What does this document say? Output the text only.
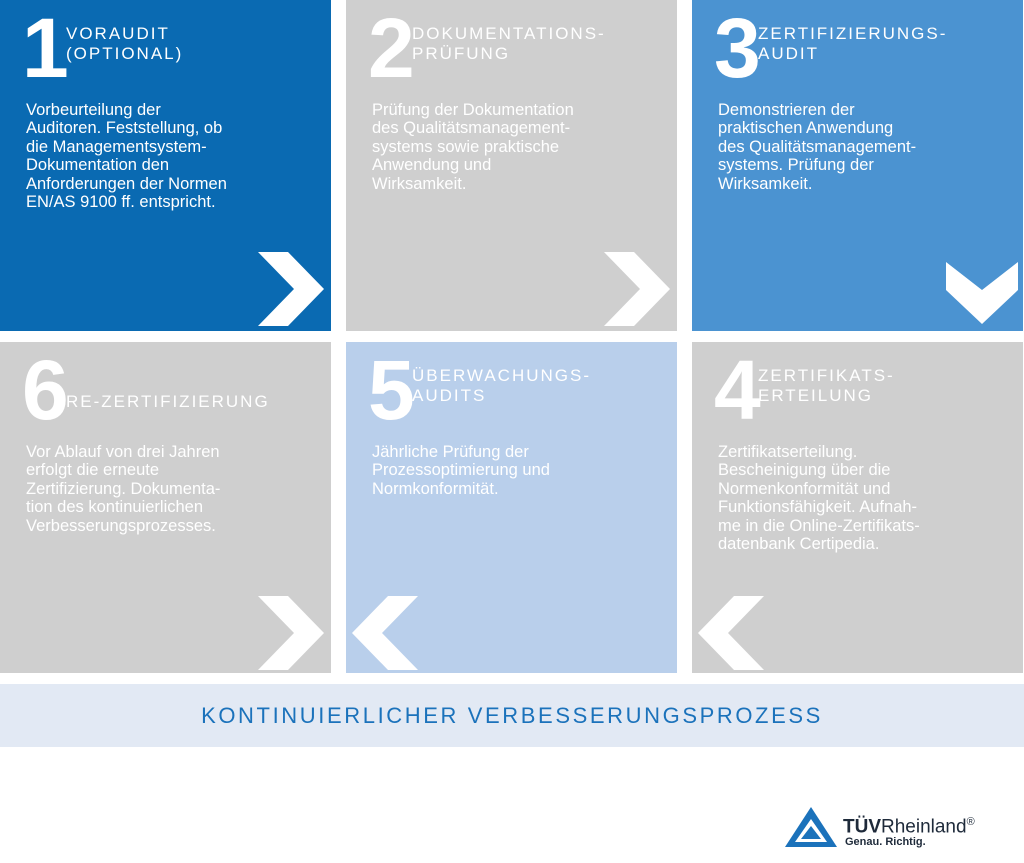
1 VORAUDIT
(OPTIONAL)
Vorbeurteilung der
Auditoren. Feststellung, ob
die Managementsystem-
Dokumentation den
Anforderungen der Normen
EN/AS 9100 ff. entspricht.
2 DOKUMENTATIONS-
PRÜFUNG
Prüfung der Dokumentation
des Qualitätsmanagement-
systems sowie praktische
Anwendung und
Wirksamkeit.
3 ZERTIFIZIERUNGS-
AUDIT
Demonstrieren der
praktischen Anwendung
des Qualitätsmanagement-
systems. Prüfung der
Wirksamkeit.
6 RE-ZERTIFIZIERUNG
Vor Ablauf von drei Jahren
erfolgt die erneute
Zertifizierung. Dokumenta-
tion des kontinuierlichen
Verbesserungsprozesses.
5 ÜBERWACHUNGS-
AUDITS
Jährliche Prüfung der
Prozessoptimierung und
Normkonformität.
4 ZERTIFIKATS-
ERTEILUNG
Zertifikatserteilung.
Bescheinigung über die
Normenkonformität und
Funktionsfähigkeit. Aufnah-
me in die Online-Zertifikats-
datenbank Certipedia.
KONTINUIERLICHER VERBESSERUNGSPROZESS
TÜVRheinland®
Genau. Richtig.
